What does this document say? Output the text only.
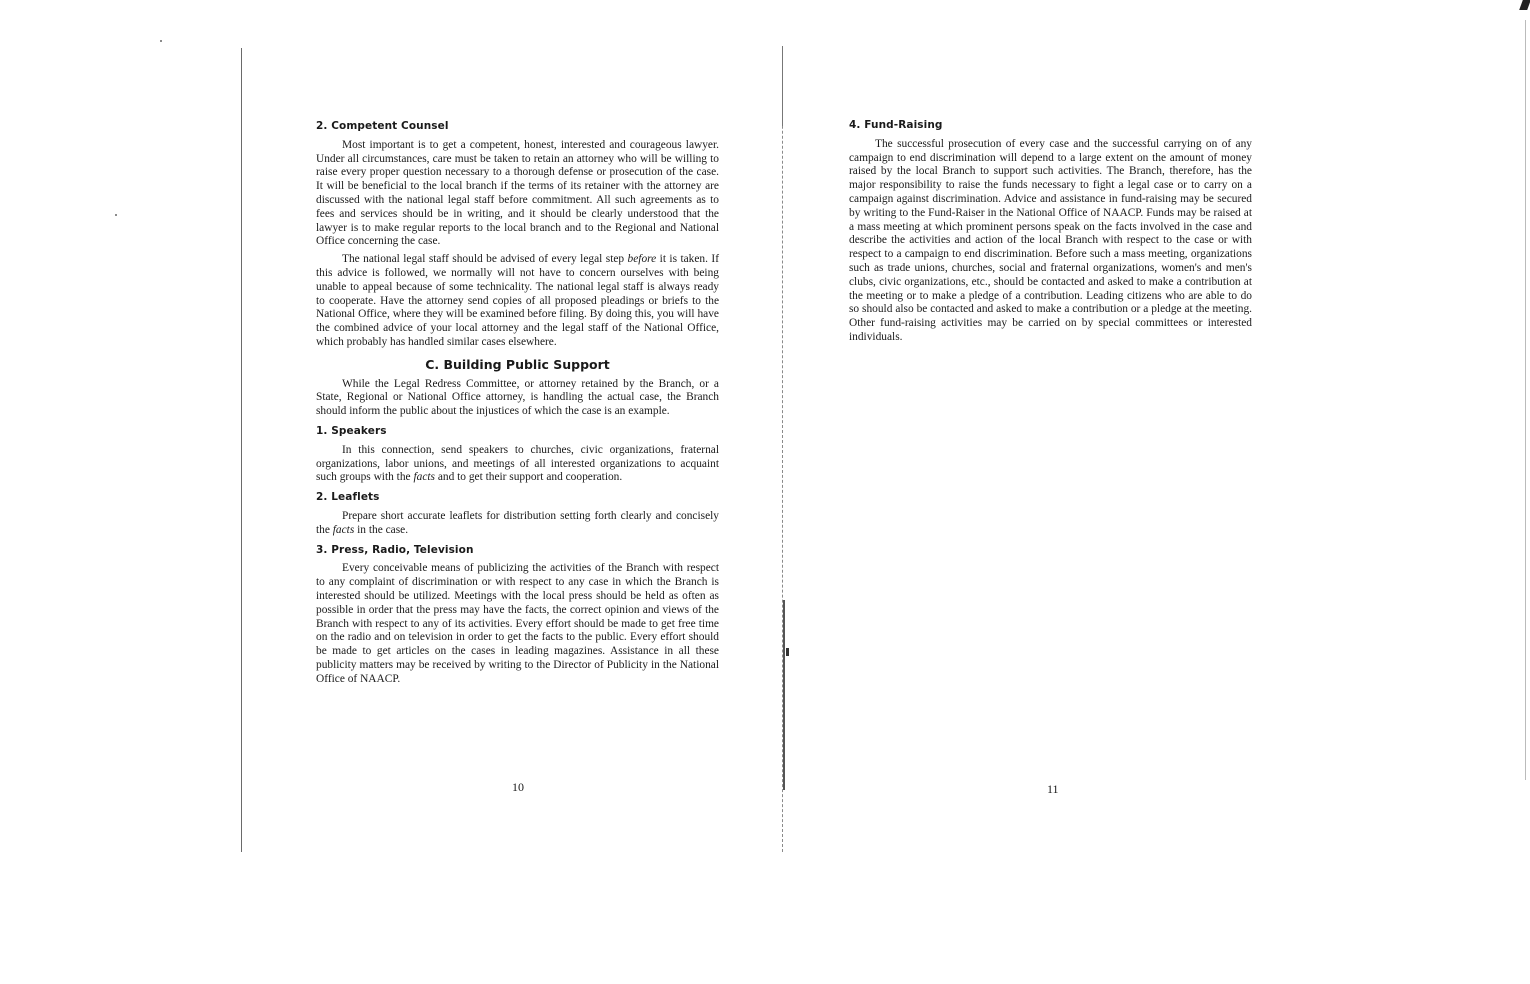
2. Competent Counsel

Most important is to get a competent, honest, interested and courageous lawyer. Under all circumstances, care must be taken to retain an attorney who will be willing to raise every proper question necessary to a thorough defense or prosecution of the case. It will be beneficial to the local branch if the terms of its retainer with the attorney are discussed with the national legal staff before commitment. All such agreements as to fees and services should be in writing, and it should be clearly understood that the lawyer is to make regular reports to the local branch and to the Regional and National Office concerning the case.

The national legal staff should be advised of every legal step before it is taken. If this advice is followed, we normally will not have to concern ourselves with being unable to appeal because of some technicality. The national legal staff is always ready to cooperate. Have the attorney send copies of all proposed pleadings or briefs to the National Office, where they will be examined before filing. By doing this, you will have the combined advice of your local attorney and the legal staff of the National Office, which probably has handled similar cases elsewhere.

C. Building Public Support

While the Legal Redress Committee, or attorney retained by the Branch, or a State, Regional or National Office attorney, is handling the actual case, the Branch should inform the public about the injustices of which the case is an example.

1. Speakers

In this connection, send speakers to churches, civic organizations, fraternal organizations, labor unions, and meetings of all interested organizations to acquaint such groups with the facts and to get their support and cooperation.

2. Leaflets

Prepare short accurate leaflets for distribution setting forth clearly and concisely the facts in the case.

3. Press, Radio, Television

Every conceivable means of publicizing the activities of the Branch with respect to any complaint of discrimination or with respect to any case in which the Branch is interested should be utilized. Meetings with the local press should be held as often as possible in order that the press may have the facts, the correct opinion and views of the Branch with respect to any of its activities. Every effort should be made to get free time on the radio and on television in order to get the facts to the public. Every effort should be made to get articles on the cases in leading magazines. Assistance in all these publicity matters may be received by writing to the Director of Publicity in the National Office of NAACP.

10
4. Fund-Raising

The successful prosecution of every case and the successful carrying on of any campaign to end discrimination will depend to a large extent on the amount of money raised by the local Branch to support such activities. The Branch, therefore, has the major responsibility to raise the funds necessary to fight a legal case or to carry on a campaign against discrimination. Advice and assistance in fund-raising may be secured by writing to the Fund-Raiser in the National Office of NAACP. Funds may be raised at a mass meeting at which prominent persons speak on the facts involved in the case and describe the activities and action of the local Branch with respect to the case or with respect to a campaign to end discrimination. Before such a mass meeting, organizations such as trade unions, churches, social and fraternal organizations, women's and men's clubs, civic organizations, etc., should be contacted and asked to make a contribution at the meeting or to make a pledge of a contribution. Leading citizens who are able to do so should also be contacted and asked to make a contribution or a pledge at the meeting. Other fund-raising activities may be carried on by special committees or interested individuals.

11
